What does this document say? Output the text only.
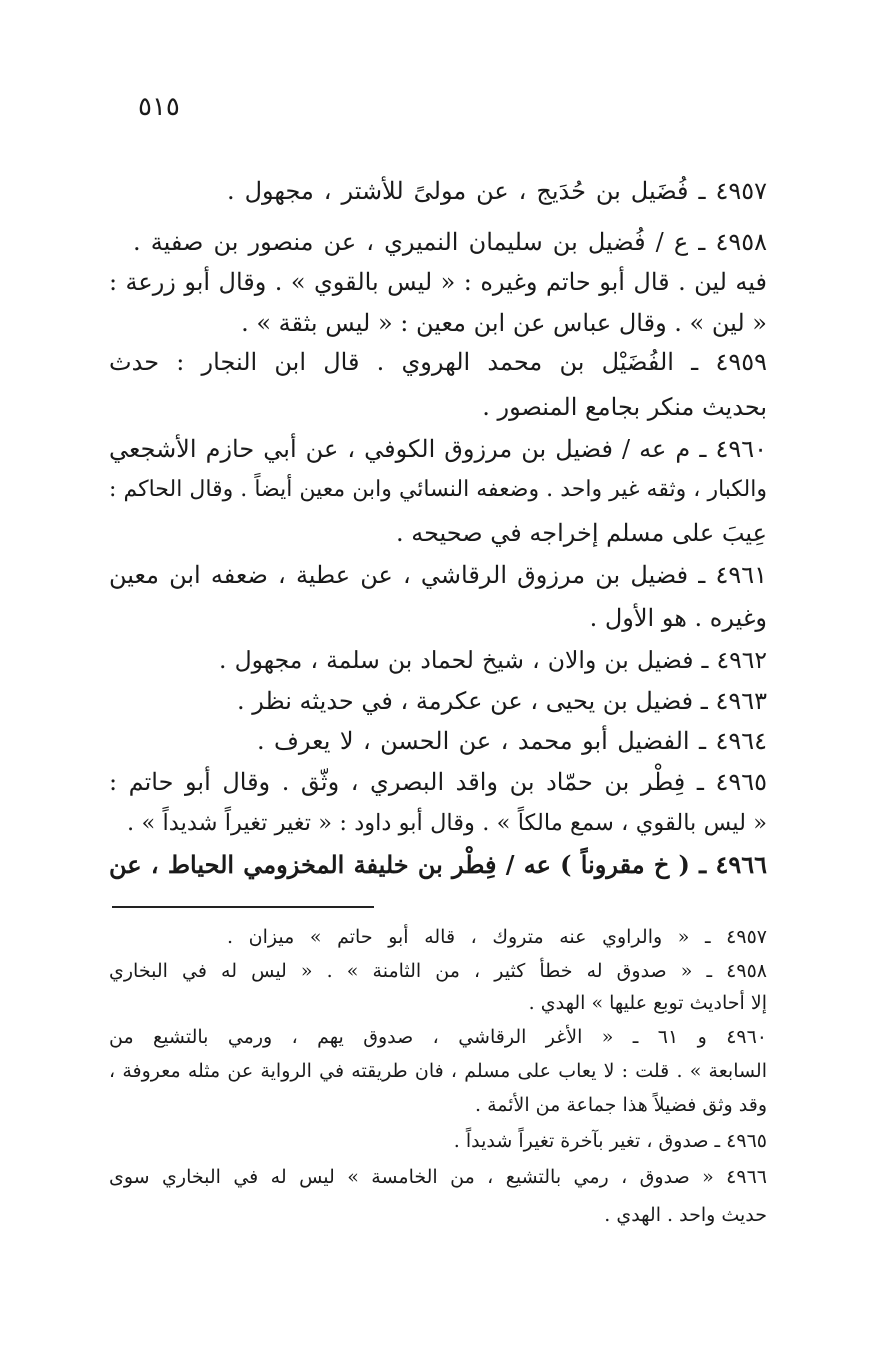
٥١٥
٤٩٥٧ ـ فُضَيل بن حُدَيج ، عن مولىً للأشتر ، مجهول .
٤٩٥٨ ـ ع / فُضيل بن سليمان النميري ، عن منصور بن صفية .
فيه لين . قال أبو حاتم وغيره : « ليس بالقوي » . وقال أبو زرعة :
« لين » . وقال عباس عن ابن معين : « ليس بثقة » .
٤٩٥٩ ـ الفُضَيْل بن محمد الهروي . قال ابن النجار : حدث
بحديث منكر بجامع المنصور .
٤٩٦٠ ـ م عه / فضيل بن مرزوق الكوفي ، عن أبي حازم الأشجعي
والكبار ، وثقه غير واحد . وضعفه النسائي وابن معين أيضاً . وقال الحاكم :
عِيبَ على مسلم إخراجه في صحيحه .
٤٩٦١ ـ فضيل بن مرزوق الرقاشي ، عن عطية ، ضعفه ابن معين
وغيره . هو الأول .
٤٩٦٢ ـ فضيل بن والان ، شيخ لحماد بن سلمة ، مجهول .
٤٩٦٣ ـ فضيل بن يحيى ، عن عكرمة ، في حديثه نظر .
٤٩٦٤ ـ الفضيل أبو محمد ، عن الحسن ، لا يعرف .
٤٩٦٥ ـ فِطْر بن حمّاد بن واقد البصري ، وثّق . وقال أبو حاتم :
« ليس بالقوي ، سمع مالكاً » . وقال أبو داود : « تغير تغيراً شديداً » .
٤٩٦٦ ـ ( خ مقروناً ) عه / فِطْر بن خليفة المخزومي الحياط ، عن
٤٩٥٧ ـ « والراوي عنه متروك ، قاله أبو حاتم » ميزان .
٤٩٥٨ ـ « صدوق له خطأ كثير ، من الثامنة » . « ليس له في البخاري
إلا أحاديث توبع عليها » الهدي .
٤٩٦٠ و ٦١ ـ « الأغر الرقاشي ، صدوق يهم ، ورمي بالتشيع من
السابعة » . قلت : لا يعاب على مسلم ، فان طريقته في الرواية عن مثله معروفة ،
وقد وثق فضيلاً هذا جماعة من الأئمة .
٤٩٦٥ ـ صدوق ، تغير بآخرة تغيراً شديداً .
٤٩٦٦ « صدوق ، رمي بالتشيع ، من الخامسة » ليس له في البخاري سوى
حديث واحد . الهدي .
